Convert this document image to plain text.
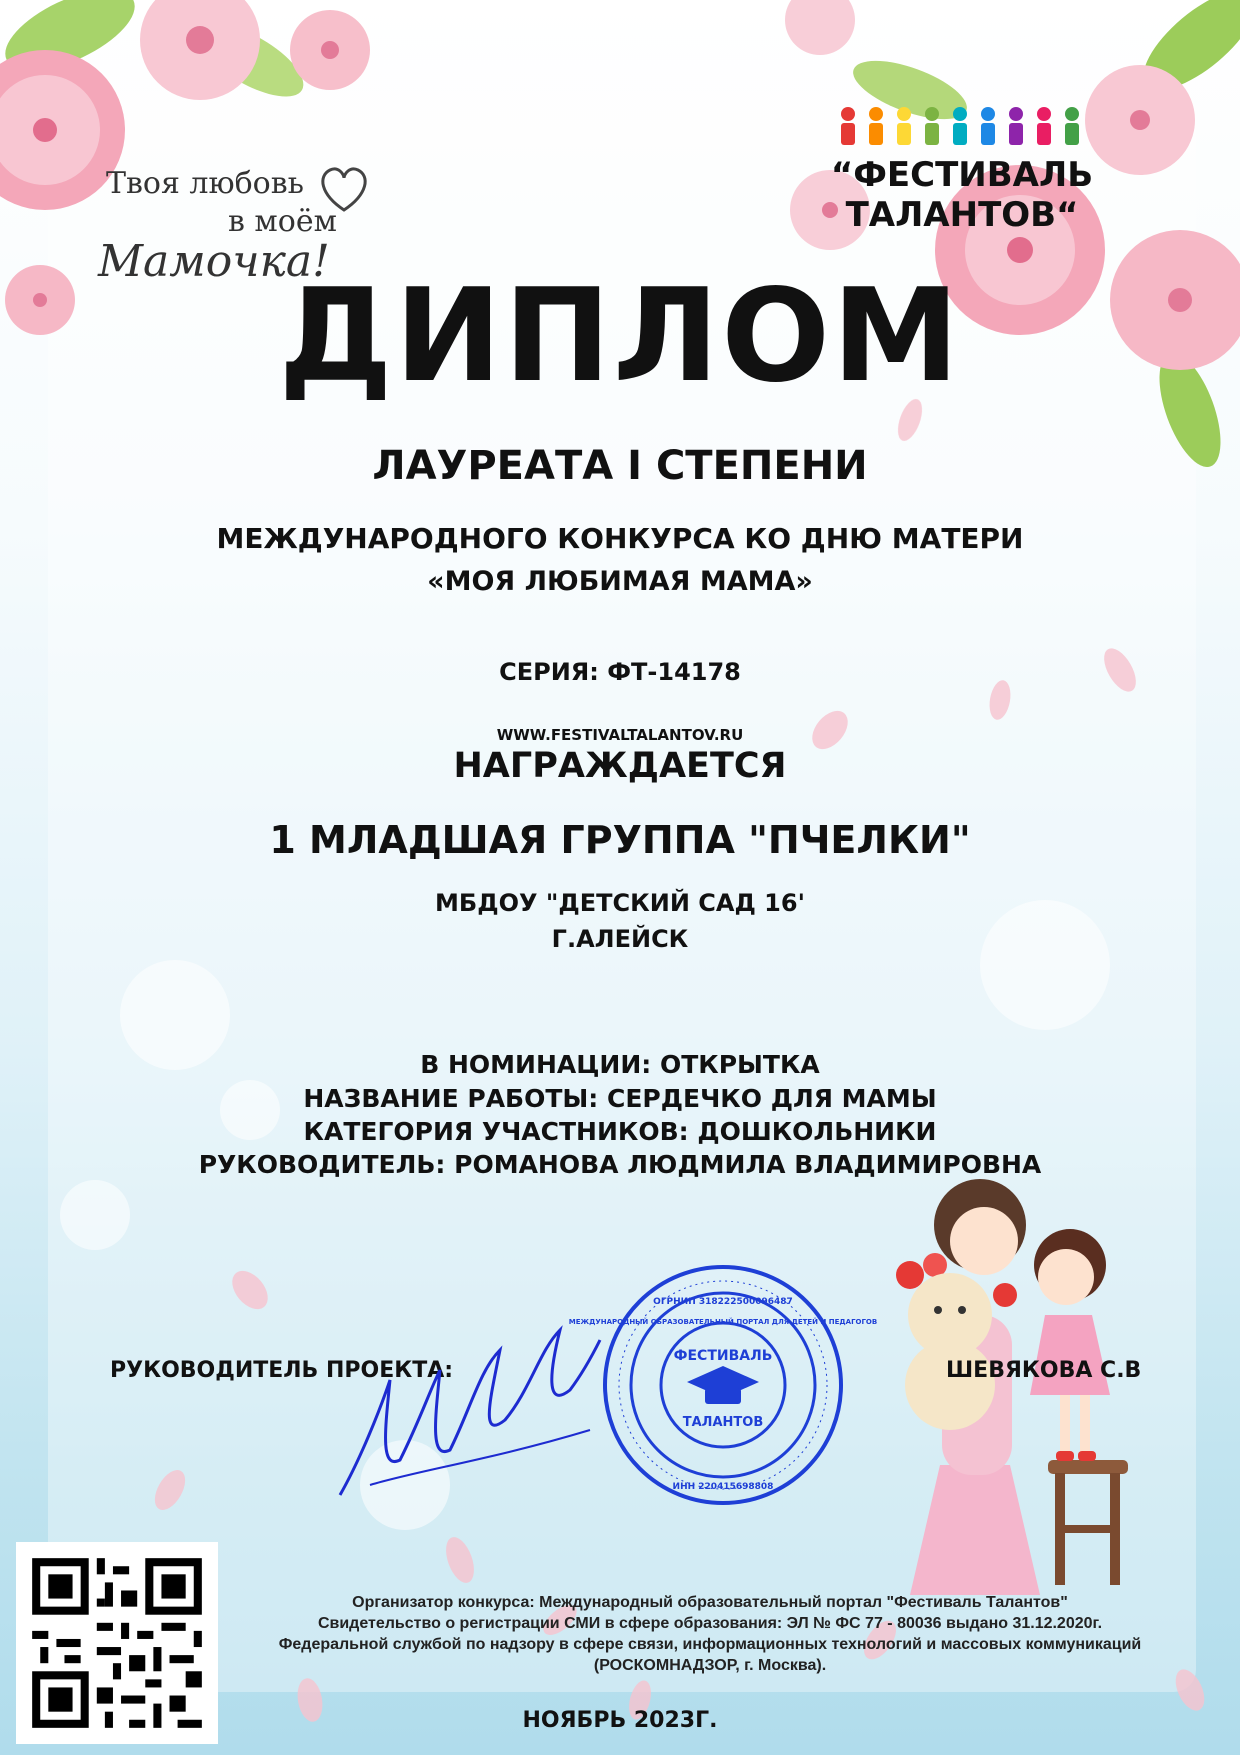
Твоя любовь
в моём
Мамочка!
“ФЕСТИВАЛЬ ТАЛАНТОВ“
ДИПЛОМ
ЛАУРЕАТА I СТЕПЕНИ
МЕЖДУНАРОДНОГО КОНКУРСА КО ДНЮ МАТЕРИ
«МОЯ ЛЮБИМАЯ МАМА»
СЕРИЯ: ФТ-14178
WWW.FESTIVALTALANTOV.RU
НАГРАЖДАЕТСЯ
1 МЛАДШАЯ ГРУППА "ПЧЕЛКИ"
МБДОУ "ДЕТСКИЙ САД 16'
Г.АЛЕЙСК
В НОМИНАЦИИ: ОТКРЫТКА
НАЗВАНИЕ РАБОТЫ: СЕРДЕЧКО ДЛЯ МАМЫ
КАТЕГОРИЯ УЧАСТНИКОВ: ДОШКОЛЬНИКИ
РУКОВОДИТЕЛЬ: РОМАНОВА ЛЮДМИЛА ВЛАДИМИРОВНА
РУКОВОДИТЕЛЬ ПРОЕКТА:
ФЕСТИВАЛЬ
ТАЛАНТОВ
ОГРНИП 318222500096487
ИНН 220415698808
МЕЖДУНАРОДНЫЙ ОБРАЗОВАТЕЛЬНЫЙ ПОРТАЛ ДЛЯ ДЕТЕЙ И ПЕДАГОГОВ
ШЕВЯКОВА С.В
Организатор конкурса: Международный образовательный портал "Фестиваль Талантов"
Свидетельство о регистрации СМИ в сфере образования: ЭЛ № ФС 77 - 80036 выдано 31.12.2020г.
Федеральной службой по надзору в сфере связи, информационных технологий и массовых коммуникаций
(РОСКОМНАДЗОР, г. Москва).
НОЯБРЬ 2023Г.
